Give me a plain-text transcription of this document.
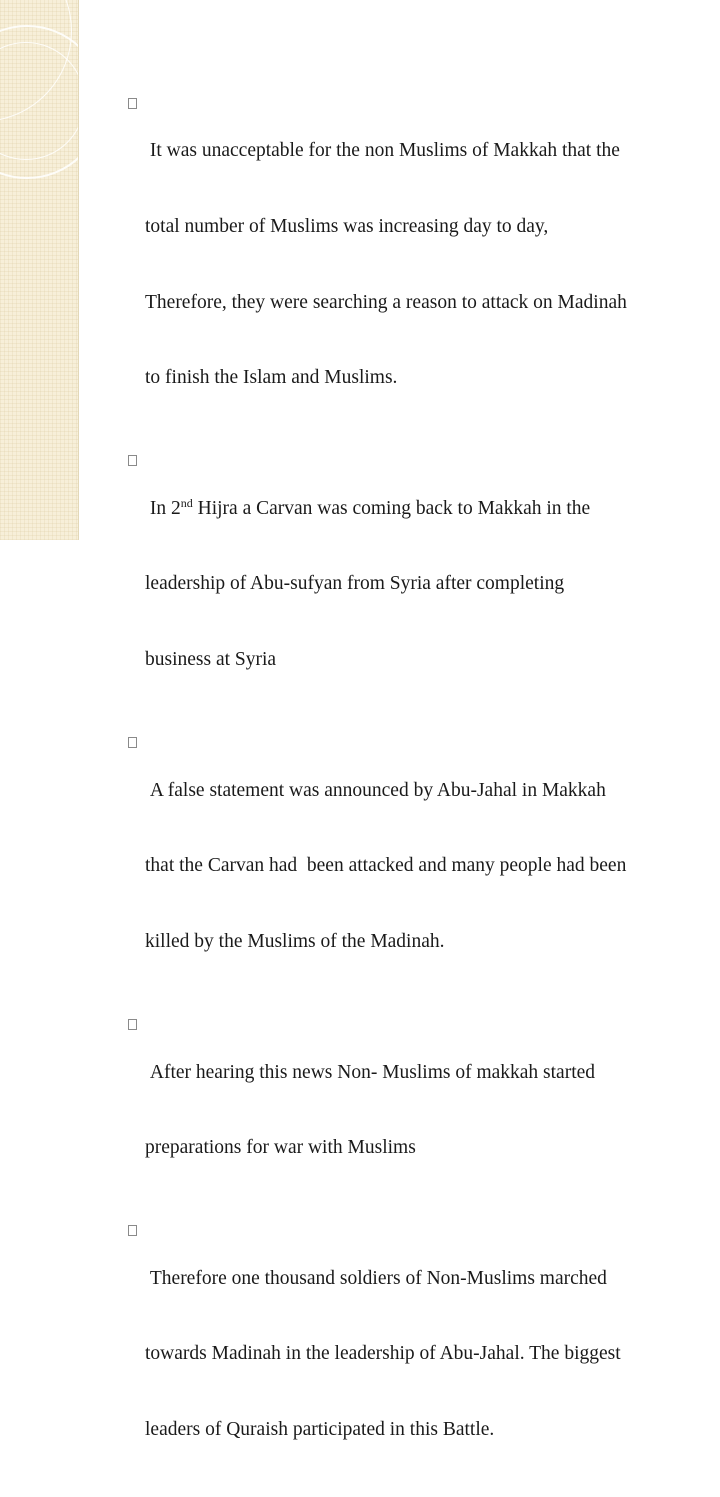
It was unacceptable for the non Muslims of Makkah that the

total number of Muslims was increasing day to day,

Therefore, they were searching a reason to attack on Madinah

to finish the Islam and Muslims.

In 2nd Hijra a Carvan was coming back to Makkah in the

leadership of Abu-sufyan from Syria after completing

business at Syria

A false statement was announced by Abu-Jahal in Makkah

that the Carvan had  been attacked and many people had been

killed by the Muslims of the Madinah.

After hearing this news Non- Muslims of makkah started

preparations for war with Muslims

Therefore one thousand soldiers of Non-Muslims marched

towards Madinah in the leadership of Abu-Jahal. The biggest

leaders of Quraish participated in this Battle.
